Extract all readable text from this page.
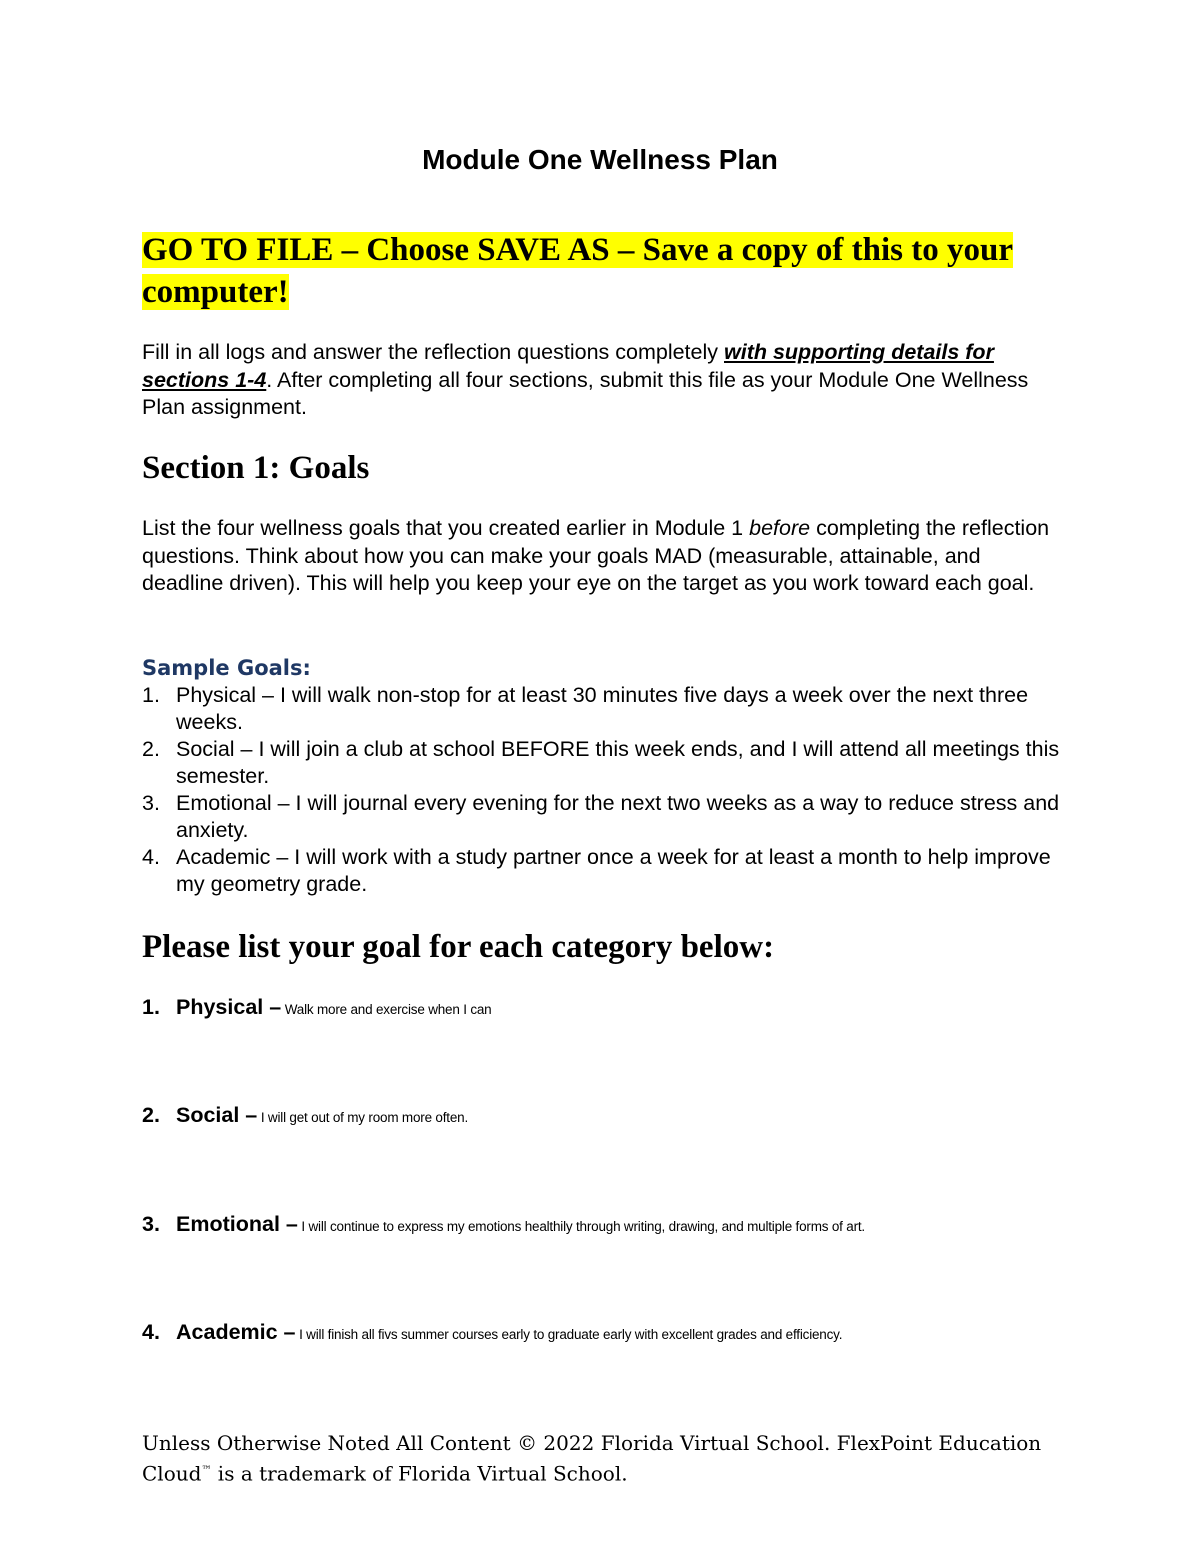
Module One Wellness Plan

GO TO FILE – Choose SAVE AS – Save a copy of this to your computer!

Fill in all logs and answer the reflection questions completely with supporting details for sections 1-4. After completing all four sections, submit this file as your Module One Wellness Plan assignment.

Section 1: Goals

List the four wellness goals that you created earlier in Module 1 before completing the reflection questions. Think about how you can make your goals MAD (measurable, attainable, and deadline driven). This will help you keep your eye on the target as you work toward each goal.

Sample Goals:
1. Physical – I will walk non-stop for at least 30 minutes five days a week over the next three weeks.
2. Social – I will join a club at school BEFORE this week ends, and I will attend all meetings this semester.
3. Emotional – I will journal every evening for the next two weeks as a way to reduce stress and anxiety.
4. Academic – I will work with a study partner once a week for at least a month to help improve my geometry grade.
Please list your goal for each category below:
1. Physical – Walk more and exercise when I can
2. Social – I will get out of my room more often.
3. Emotional – I will continue to express my emotions healthily through writing, drawing, and multiple forms of art.
4. Academic – I will finish all fivs summer courses early to graduate early with excellent grades and efficiency.

Unless Otherwise Noted All Content © 2022 Florida Virtual School. FlexPoint Education Cloud™ is a trademark of Florida Virtual School.
